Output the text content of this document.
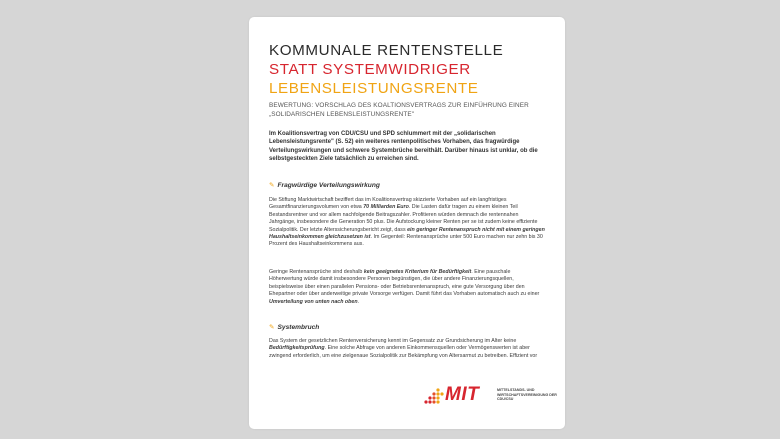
KOMMUNALE RENTENSTELLE
STATT SYSTEMWIDRIGER
LEBENSLEISTUNGSRENTE
BEWERTUNG: VORSCHLAG DES KOALTIONSVERTRAGS ZUR EINFÜHRUNG EINER „SOLIDARISCHEN LEBENSLEISTUNGSRENTE"
Im Koalitionsvertrag von CDU/CSU und SPD schlummert mit der „solidarischen Lebensleistungsrente" (S. 52) ein weiteres rentenpolitisches Vorhaben, das fragwürdige Verteilungswirkungen und schwere Systembrüche bereithält. Darüber hinaus ist unklar, ob die selbstgesteckten Ziele tatsächlich zu erreichen sind.
✎ Fragwürdige Verteilungswirkung
Die Stiftung Marktwirtschaft beziffert das im Koalitionsvertrag skizzierte Vorhaben auf ein langfristiges Gesamtfinanzierungsvolumen von etwa 70 Milliarden Euro. Die Lasten dafür tragen zu einem kleinen Teil Bestandsrentner und vor allem nachfolgende Beitragszahler. Profitieren würden demnach die rentennahen Jahrgänge, insbesondere die Generation 50 plus. Die Aufstockung kleiner Renten per se ist zudem keine effiziente Sozialpolitik. Der letzte Alterssicherungsbericht zeigt, dass ein geringer Rentenanspruch nicht mit einem geringen Haushaltseinkommen gleichzusetzen ist. Im Gegenteil: Rentenansprüche unter 500 Euro machen nur zehn bis 30 Prozent des Haushaltseinkommens aus.
Geringe Rentenansprüche sind deshalb kein geeignetes Kriterium für Bedürftigkeit. Eine pauschale Höherwertung würde damit insbesondere Personen begünstigen, die über andere Finanzierungsquellen, beispielsweise über einen parallelen Pensions- oder Betriebsrentenanspruch, eine gute Versorgung über den Ehepartner oder über anderweitige private Vorsorge verfügen. Damit führt das Vorhaben automatisch auch zu einer Umverteilung von unten nach oben.
✎ Systembruch
Das System der gesetzlichen Rentenversicherung kennt im Gegensatz zur Grundsicherung im Alter keine Bedürftigkeitsprüfung. Eine solche Abfrage von anderen Einkommensquellen oder Vermögenswerten ist aber zwingend erforderlich, um eine zielgenaue Sozialpolitik zur Bekämpfung von Altersarmut zu betreiben. Effizient vor
MIT	MITTELSTANDS- UND WIRTSCHAFTSVEREINIGUNG DER CDU/CSU
